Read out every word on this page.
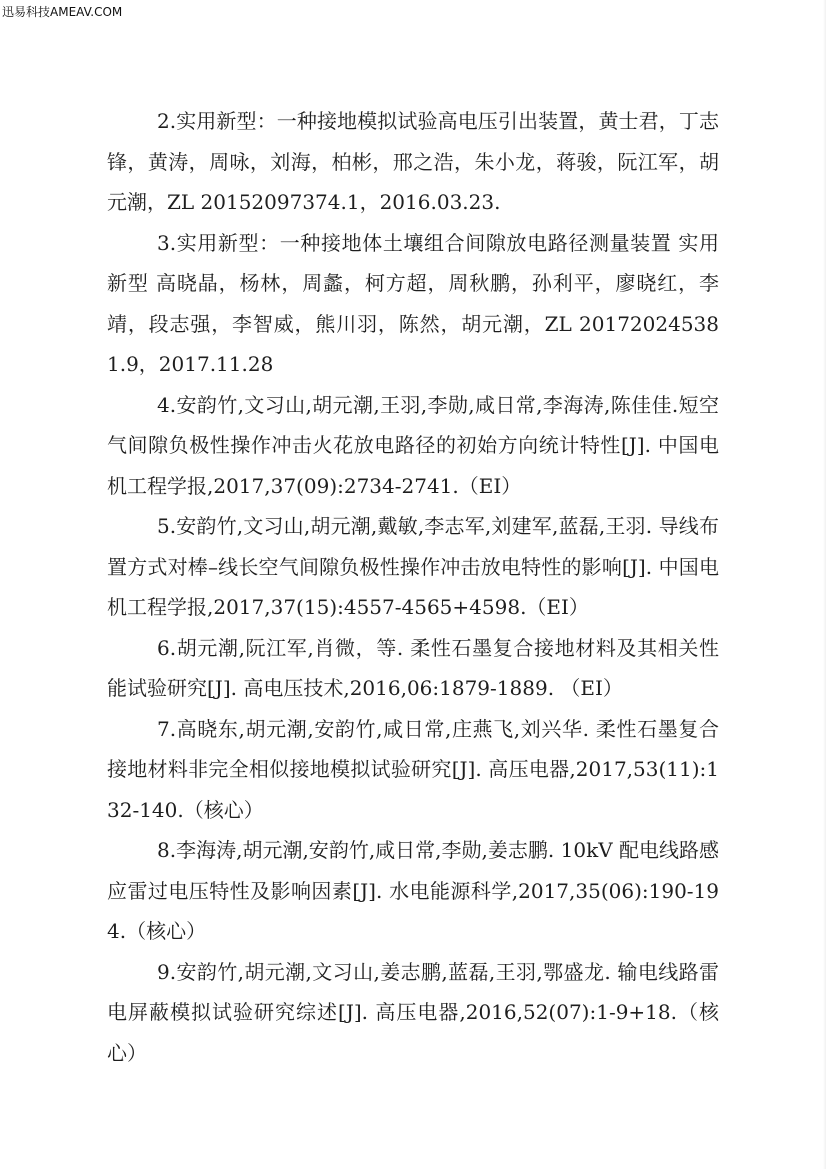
迅易科技AMEAV.COM

2.实用新型：一种接地模拟试验高电压引出装置，黄士君，丁志锋，黄涛，周咏，刘海，柏彬，邢之浩，朱小龙，蒋骏，阮江军，胡元潮，ZL 20152097374.1，2016.03.23.

3.实用新型：一种接地体土壤组合间隙放电路径测量装置 实用新型 高晓晶，杨林，周蠡，柯方超，周秋鹏，孙利平，廖晓红，李靖，段志强，李智威，熊川羽，陈然，胡元潮，ZL 201720245381.9，2017.11.28

4.安韵竹,文习山,胡元潮,王羽,李勋,咸日常,李海涛,陈佳佳.短空气间隙负极性操作冲击火花放电路径的初始方向统计特性[J]. 中国电机工程学报,2017,37(09):2734-2741.（EI）

5.安韵竹,文习山,胡元潮,戴敏,李志军,刘建军,蓝磊,王羽. 导线布置方式对棒–线长空气间隙负极性操作冲击放电特性的影响[J]. 中国电机工程学报,2017,37(15):4557-4565+4598.（EI）

6.胡元潮,阮江军,肖微，等. 柔性石墨复合接地材料及其相关性能试验研究[J]. 高电压技术,2016,06:1879-1889. （EI）

7.高晓东,胡元潮,安韵竹,咸日常,庄燕飞,刘兴华. 柔性石墨复合接地材料非完全相似接地模拟试验研究[J]. 高压电器,2017,53(11):132-140.（核心）

8.李海涛,胡元潮,安韵竹,咸日常,李勋,姜志鹏. 10kV 配电线路感应雷过电压特性及影响因素[J]. 水电能源科学,2017,35(06):190-194.（核心）

9.安韵竹,胡元潮,文习山,姜志鹏,蓝磊,王羽,鄂盛龙. 输电线路雷电屏蔽模拟试验研究综述[J]. 高压电器,2016,52(07):1-9+18.（核心）
